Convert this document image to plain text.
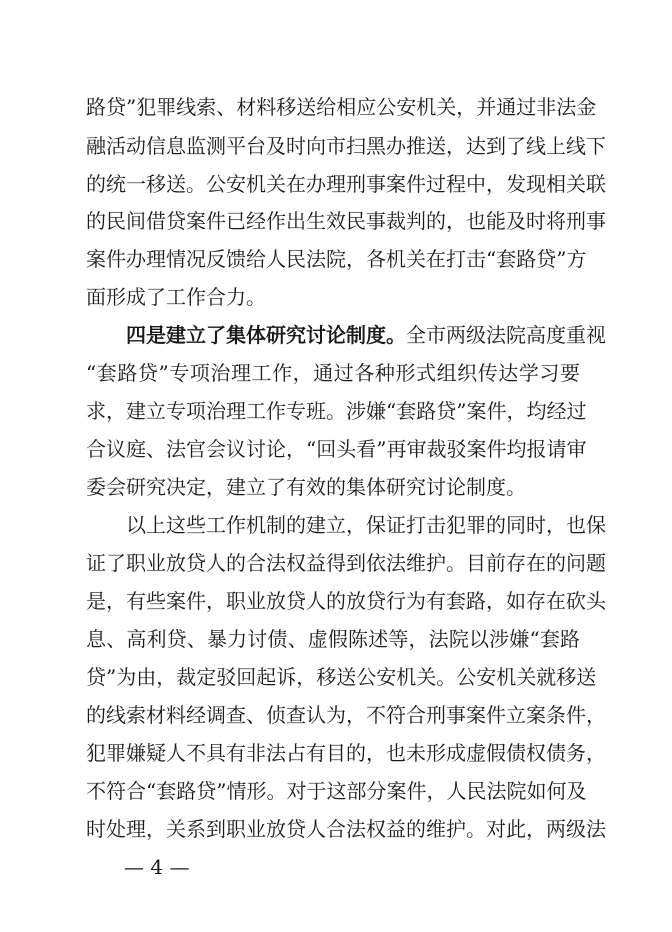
路贷”犯罪线索、材料移送给相应公安机关，并通过非法金
融活动信息监测平台及时向市扫黑办推送，达到了线上线下
的统一移送。公安机关在办理刑事案件过程中，发现相关联
的民间借贷案件已经作出生效民事裁判的，也能及时将刑事
案件办理情况反馈给人民法院，各机关在打击“套路贷”方
面形成了工作合力。
四是建立了集体研究讨论制度。全市两级法院高度重视
“套路贷”专项治理工作，通过各种形式组织传达学习要
求，建立专项治理工作专班。涉嫌“套路贷”案件，均经过
合议庭、法官会议讨论，“回头看”再审裁驳案件均报请审
委会研究决定，建立了有效的集体研究讨论制度。
以上这些工作机制的建立，保证打击犯罪的同时，也保
证了职业放贷人的合法权益得到依法维护。目前存在的问题
是，有些案件，职业放贷人的放贷行为有套路，如存在砍头
息、高利贷、暴力讨债、虚假陈述等，法院以涉嫌“套路
贷”为由，裁定驳回起诉，移送公安机关。公安机关就移送
的线索材料经调查、侦查认为，不符合刑事案件立案条件，
犯罪嫌疑人不具有非法占有目的，也未形成虚假债权债务，
不符合“套路贷”情形。对于这部分案件，人民法院如何及
时处理，关系到职业放贷人合法权益的维护。对此，两级法
— 4 —
